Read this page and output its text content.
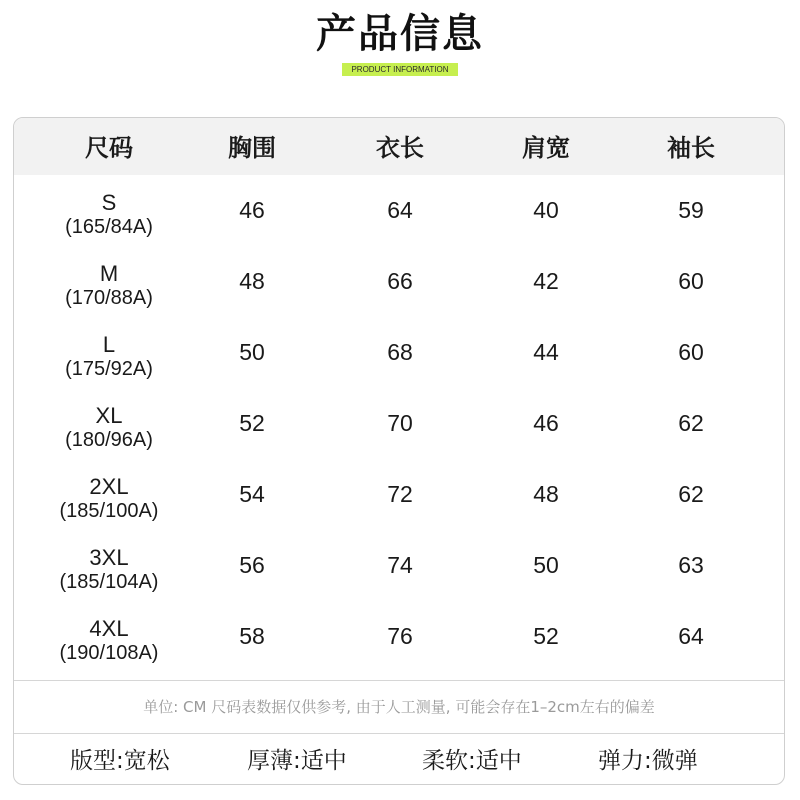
产品信息
PRODUCT INFORMATION
尺码	胸围	衣长	肩宽	袖长
S
(165/84A)
46	64	40	59
M
(170/88A)
48	66	42	60
L
(175/92A)
50	68	44	60
XL
(180/96A)
52	70	46	62
2XL
(185/100A)
54	72	48	62
3XL
(185/104A)
56	74	50	63
4XL
(190/108A)
58	76	52	64
单位: CM 尺码表数据仅供参考, 由于人工测量, 可能会存在1–2cm左右的偏差
版型:宽松	厚薄:适中	柔软:适中	弹力:微弹
